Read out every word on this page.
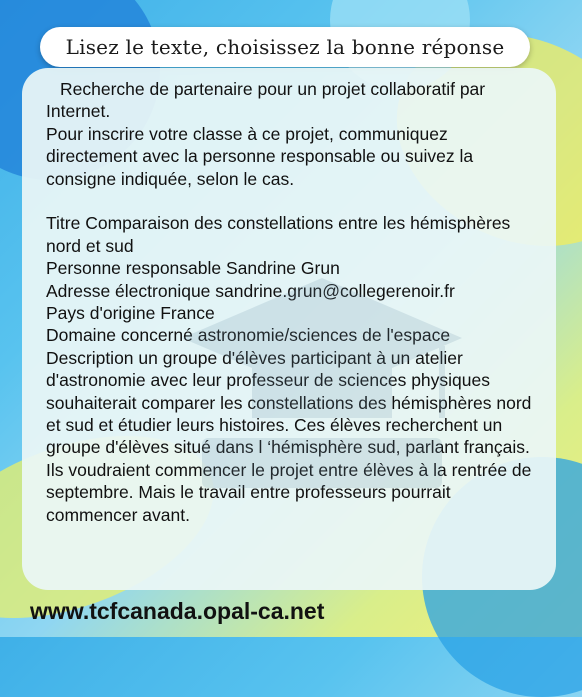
Lisez le texte, choisissez la bonne réponse

Recherche de partenaire pour un projet collaboratif par Internet.

Pour inscrire votre classe à ce projet, communiquez directement avec la personne responsable ou suivez la consigne indiquée, selon le cas.

Titre Comparaison des constellations entre les hémisphères nord et sud

Personne responsable Sandrine Grun

Adresse électronique sandrine.grun@collegerenoir.fr

Pays d'origine France

Domaine concerné astronomie/sciences de l'espace

Description un groupe d'élèves participant à un atelier d'astronomie avec leur professeur de sciences physiques souhaiterait comparer les constellations des hémisphères nord et sud et étudier leurs histoires. Ces élèves recherchent un groupe d'élèves situé dans l ‘hémisphère sud, parlant français. Ils voudraient commencer le projet entre élèves à la rentrée de septembre. Mais le travail entre professeurs pourrait commencer avant.

www.tcfcanada.opal-ca.net
